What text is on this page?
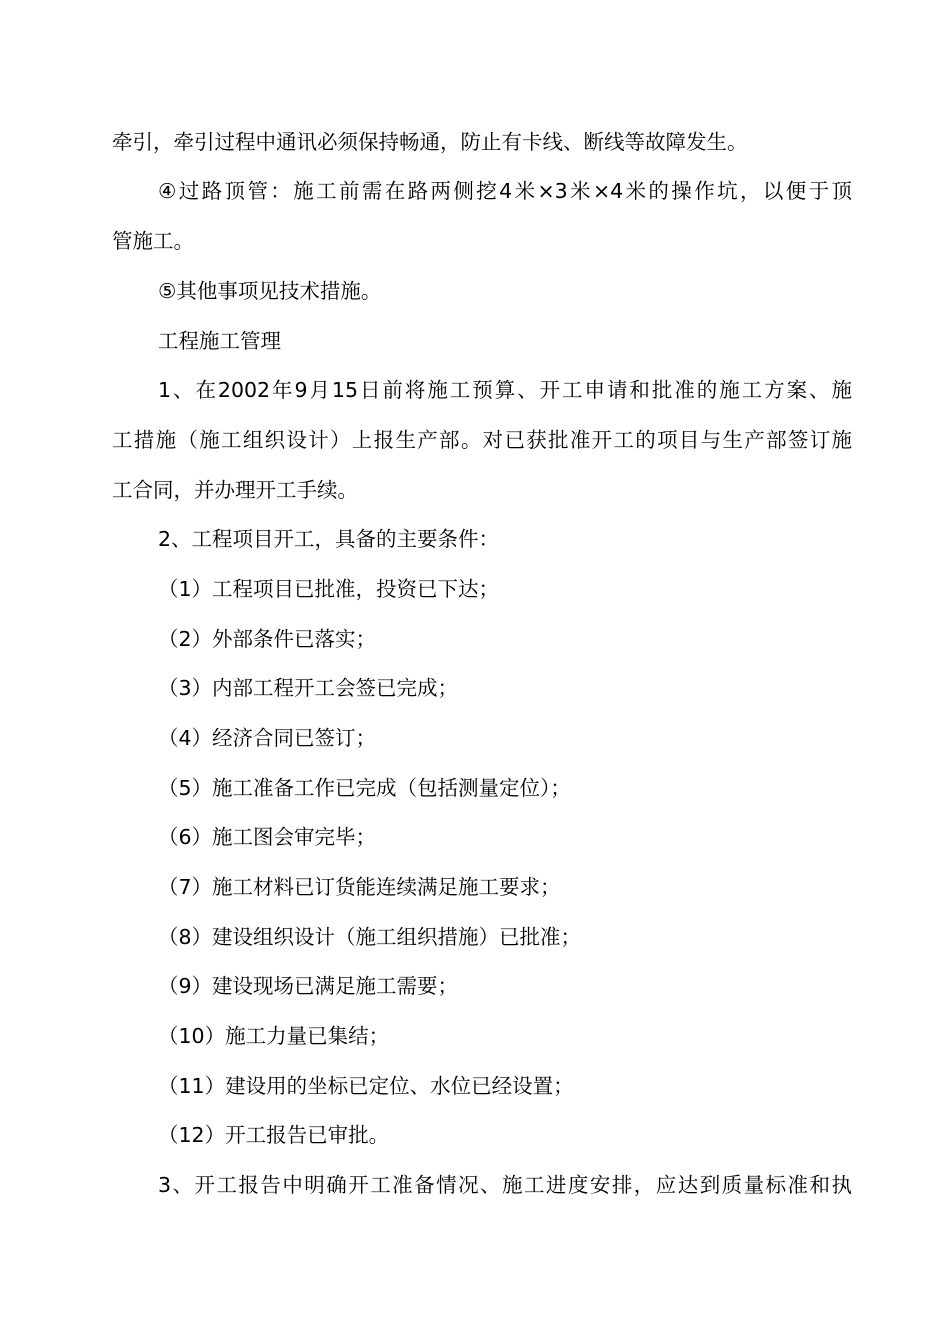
牵引，牵引过程中通讯必须保持畅通，防止有卡线、断线等故障发生。
④过路顶管：施工前需在路两侧挖4米×3米×4米的操作坑，以便于顶
管施工。
⑤其他事项见技术措施。
工程施工管理
1、在2002年9月15日前将施工预算、开工申请和批准的施工方案、施
工措施（施工组织设计）上报生产部。对已获批准开工的项目与生产部签订施
工合同，并办理开工手续。
2、工程项目开工，具备的主要条件：
（1）工程项目已批准，投资已下达；
（2）外部条件已落实；
（3）内部工程开工会签已完成；
（4）经济合同已签订；
（5）施工准备工作已完成（包括测量定位）；
（6）施工图会审完毕；
（7）施工材料已订货能连续满足施工要求；
（8）建设组织设计（施工组织措施）已批准；
（9）建设现场已满足施工需要；
（10）施工力量已集结；
（11）建设用的坐标已定位、水位已经设置；
（12）开工报告已审批。
3、开工报告中明确开工准备情况、施工进度安排，应达到质量标准和执
